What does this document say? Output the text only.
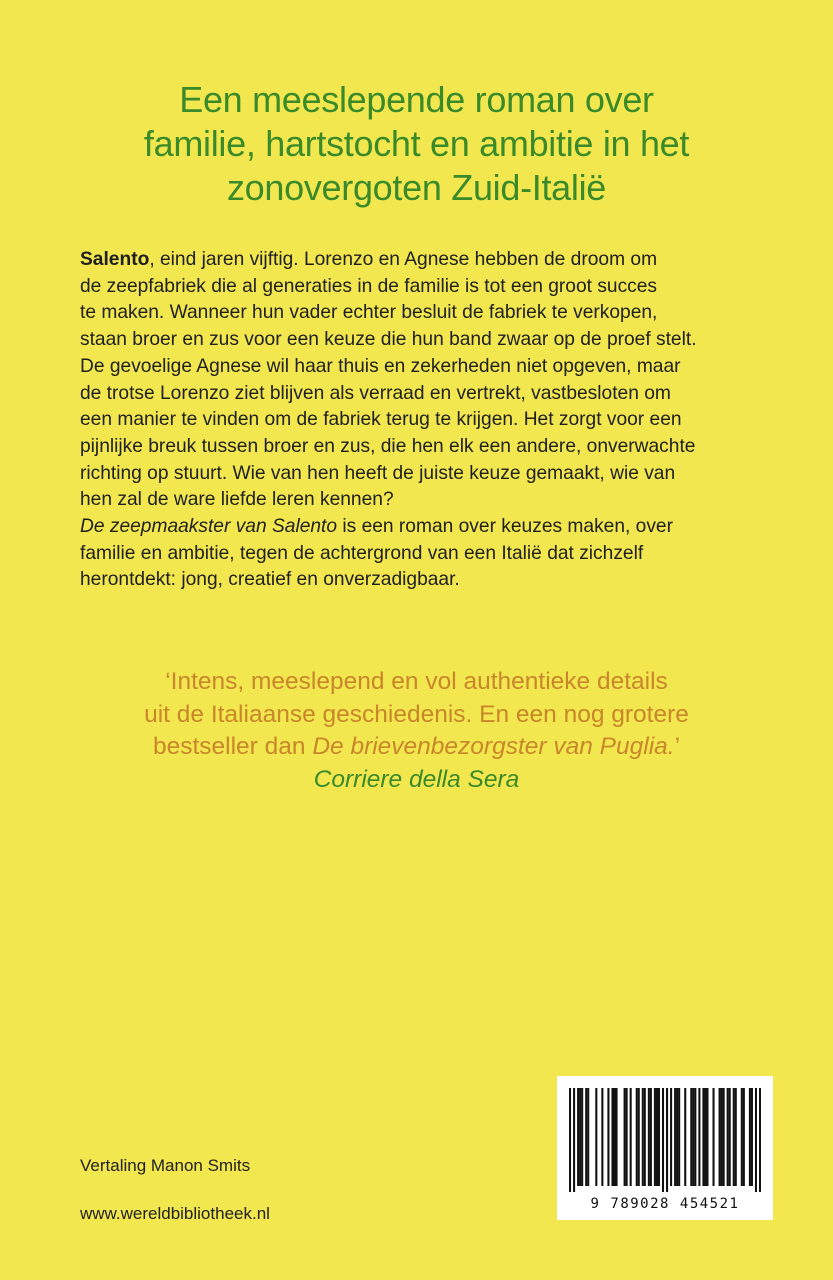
Een meeslepende roman over
familie, hartstocht en ambitie in het
zonovergoten Zuid-Italië
Salento, eind jaren vijftig. Lorenzo en Agnese hebben de droom om
de zeepfabriek die al generaties in de familie is tot een groot succes
te maken. Wanneer hun vader echter besluit de fabriek te verkopen,
staan broer en zus voor een keuze die hun band zwaar op de proef stelt.
De gevoelige Agnese wil haar thuis en zekerheden niet opgeven, maar
de trotse Lorenzo ziet blijven als verraad en vertrekt, vastbesloten om
een manier te vinden om de fabriek terug te krijgen. Het zorgt voor een
pijnlijke breuk tussen broer en zus, die hen elk een andere, onverwachte
richting op stuurt. Wie van hen heeft de juiste keuze gemaakt, wie van
hen zal de ware liefde leren kennen?
De zeepmaakster van Salento is een roman over keuzes maken, over
familie en ambitie, tegen de achtergrond van een Italië dat zichzelf
herontdekt: jong, creatief en onverzadigbaar.
‘Intens, meeslepend en vol authentieke details
uit de Italiaanse geschiedenis. En een nog grotere
bestseller dan De brievenbezorgster van Puglia.’
Corriere della Sera
Vertaling Manon Smits
www.wereldbibliotheek.nl	9 789028 454521
